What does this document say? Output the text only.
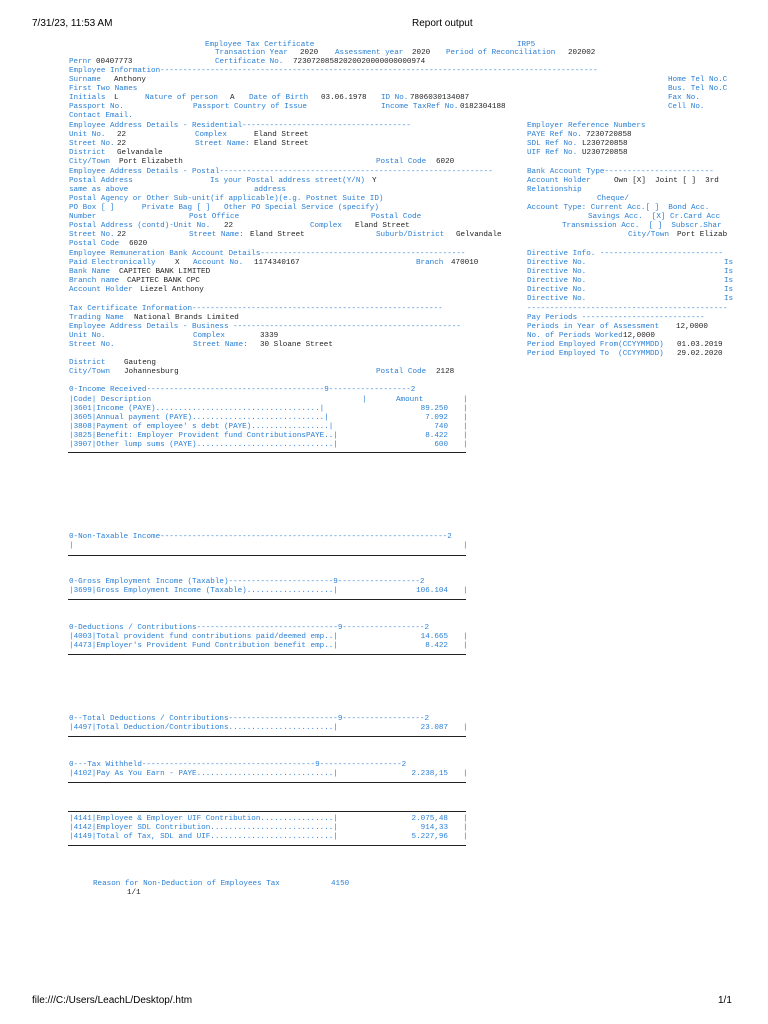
7/31/23, 11:53 AM	Report output
Employee Tax Certificate	IRP5
Transaction Year 2020 Assessment year 2020 Period of Reconciliation 202002
Pernr 00407773	Certificate No. 72307208582020020000000000974
Employee Information------------------------------------------------------------------------------------------------
Surname Anthony	Home Tel No.C
First Two Names	Bus. Tel No.C
Initials L	Nature of person A Date of Birth 03.06.1978 ID No. 7806030134087	Fax No.
Passport No.	Passport Country of Issue	Income TaxRef No. 0182304188	Cell No.
Contact Email.
Employee Address Details - Residential-------------------------------------	Employer Reference Numbers
Unit No. 22	Complex	Eland Street	PAYE Ref No. 7230720858
Street No. 22	Street Name: Eland Street	SDL Ref No. L230720858
District Gelvandale	UIF Ref No. U230720858
City/Town Port Elizabeth	Postal Code 6020
Employee Address Details - Postal------------------------------------------------------------	Bank Account Type------------------------
Postal Address	Is your Postal address street(Y/N) Y	Account Holder	Own [X]  Joint [ ]  3rd
same as above	address	Relationship
Postal Agency or Other Sub-unit(if applicable)(e.g. Postnet Suite ID)	Cheque/
PO Box [ ]      Private Bag [ ]   Other PO Special Service (specify)	Account Type: Current Acc.[ ]  Bond Acc.
Number	Post Office	Postal Code	Savings Acc.  [X] Cr.Card Acc
Postal Address (contd)-Unit No. 22	Complex Eland Street	Transmission Acc.  [ ]  Subscr.Shar
Street No. 22	Street Name: Eland Street	Suburb/District Gelvandale	City/Town Port Elizab
Postal Code 6020
Employee Remuneration Bank Account Details---------------------------------------------	Directive Info. ---------------------------
Paid Electronically	X Account No. 1174340167	Branch 470010
Bank Name CAPITEC BANK LIMITED
Branch name CAPITEC BANK CPC
Account Holder Liezel Anthony
Directive No.	Is
Directive No.	Is
Directive No.	Is
Directive No.	Is
Directive No.	Is
Tax Certificate Information-------------------------------------------------------	--------------------------------------------
Trading Name National Brands Limited	Pay Periods ---------------------------
Employee Address Details - Business --------------------------------------------------	Periods in Year of Assessment 12,0000
Unit No.	Complex	3339	No. of Periods Worked 12,0000
Street No.	Street Name: 30 Sloane Street	Period Employed From(CCYYMMDD) 01.03.2019
Period Employed To  (CCYYMMDD) 29.02.2020
District Gauteng
City/Town Johannesburg	Postal Code 2128
0-Income Received---------------------------------------9------------------2
|Code| Description	|	Amount	|
|3601|Income (PAYE)....................................|	89.250 |
|3605|Annual payment (PAYE).............................|	7.092 |
|3808|Payment of employee' s debt (PAYE).................|	740 |
|3825|Benefit: Employer Provident fund ContributionsPAYE..|	8.422 |
|3907|Other lump sums (PAYE)..............................|	600 |
0-Non-Taxable Income---------------------------------------------------------------2
|	|
0-Gross Employment Income (Taxable)-----------------------9------------------2
|3699|Gross Employment Income (Taxable)...................|	106.104 |
0-Deductions / Contributions-------------------------------9------------------2
|4003|Total provident fund contributions paid/deemed emp..|	14.665 |
|4473|Employer's Provident Fund Contribution benefit emp..|	8.422 |
0--Total Deductions / Contributions------------------------9------------------2
|4497|Total Deduction/Contributions.......................|	23.087 |
0---Tax Withheld--------------------------------------9------------------2
|4102|Pay As You Earn - PAYE..............................|	2.238,15 |
|4141|Employee & Employer UIF Contribution................|	2.075,48 |
|4142|Employer SDL Contribution...........................|	914,33 |
|4149|Total of Tax, SDL and UIF...........................|	5.227,96 |
Reason for Non-Deduction of Employees Tax	4150
1/1
file:///C:/Users/LeachL/Desktop/.htm	1/1
